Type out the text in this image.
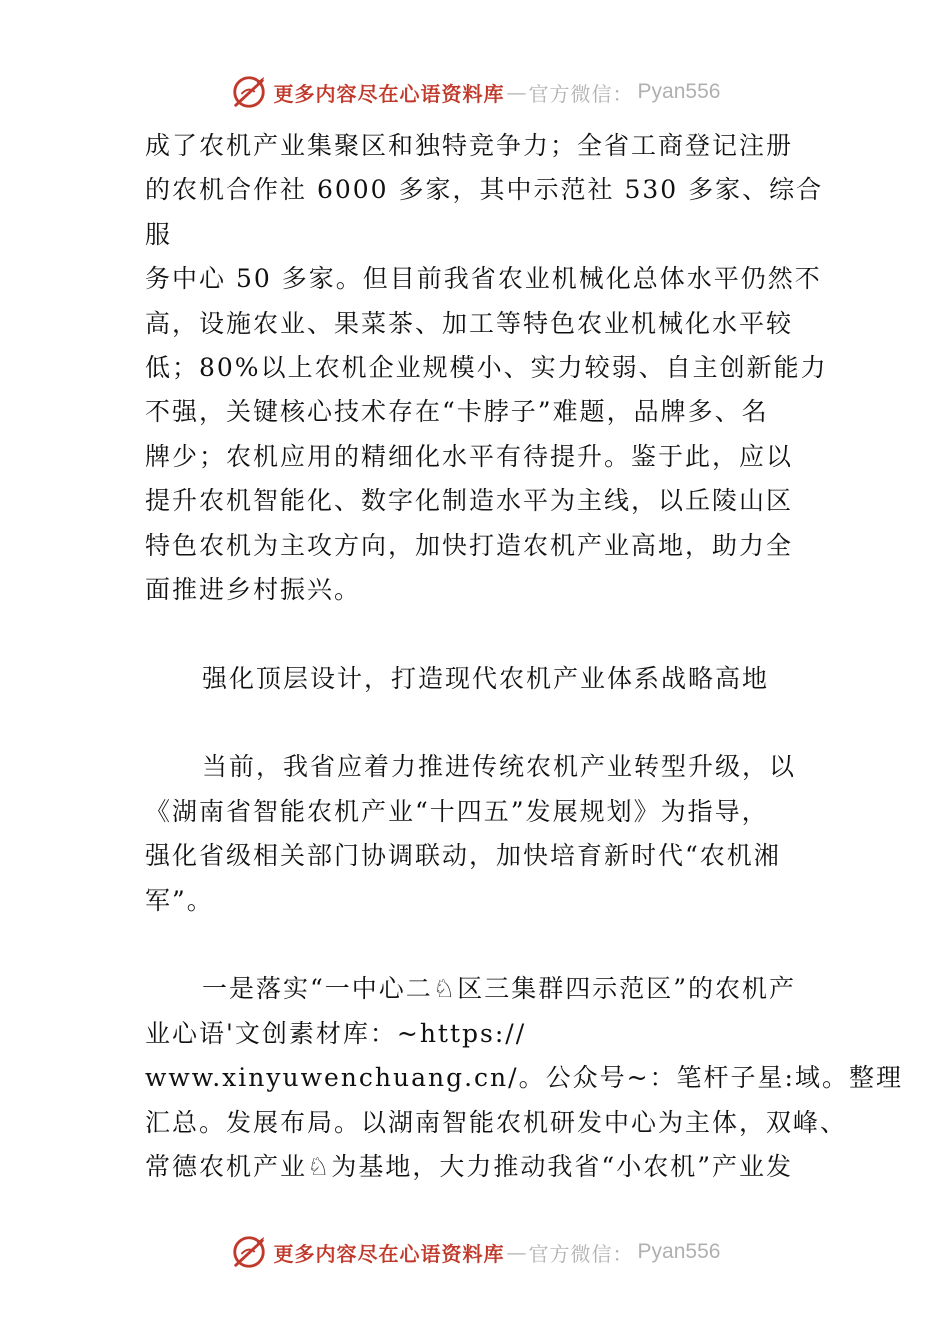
更多内容尽在心语资料库 — 官方微信： Pyan556
成了农机产业集聚区和独特竞争力；全省工商登记注册
的农机合作社 6000 多家，其中示范社 530 多家、综合
服
务中心 50 多家。但目前我省农业机械化总体水平仍然不
高，设施农业、果菜茶、加工等特色农业机械化水平较
低；80%以上农机企业规模小、实力较弱、自主创新能力
不强，关键核心技术存在“卡脖子”难题，品牌多、名
牌少；农机应用的精细化水平有待提升。鉴于此，应以
提升农机智能化、数字化制造水平为主线，以丘陵山区
特色农机为主攻方向，加快打造农机产业高地，助力全
面推进乡村振兴。
强化顶层设计，打造现代农机产业体系战略高地
当前，我省应着力推进传统农机产业转型升级，以
《湖南省智能农机产业“十四五”发展规划》为指导，
强化省级相关部门协调联动，加快培育新时代“农机湘
军”。
一是落实“一中心二♘区三集群四示范区”的农机产
业心语'文创素材库：~https://
www.xinyuwenchuang.cn/。公众号~：笔杆子星:域。整理
汇总。发展布局。以湖南智能农机研发中心为主体，双峰、
常德农机产业♘为基地，大力推动我省“小农机”产业发
更多内容尽在心语资料库 — 官方微信： Pyan556
